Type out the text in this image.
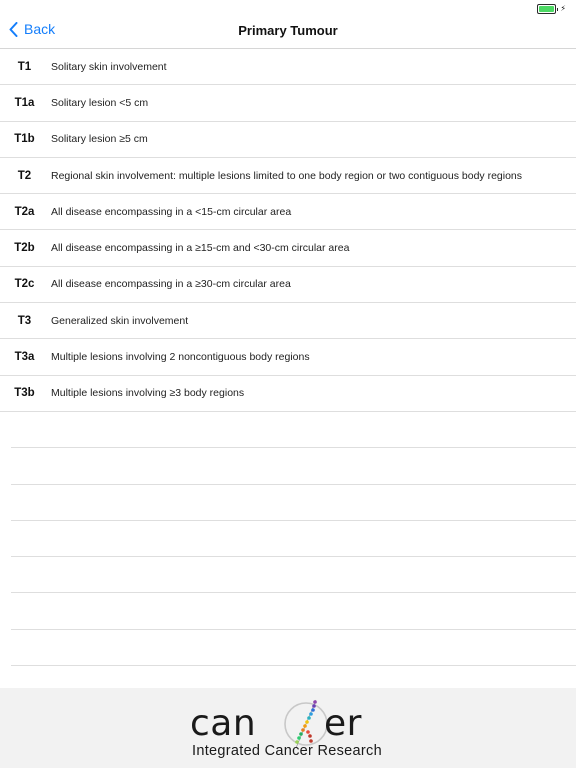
⚡
Back	Primary Tumour
T1	Solitary skin involvement
T1a	Solitary lesion <5 cm
T1b	Solitary lesion ≥5 cm
T2	Regional skin involvement: multiple lesions limited to one body region or two contiguous body regions
T2a	All disease encompassing in a <15-cm circular area
T2b	All disease encompassing in a ≥15-cm and <30-cm circular area
T2c	All disease encompassing in a ≥30-cm circular area
T3	Generalized skin involvement
T3a	Multiple lesions involving 2 noncontiguous body regions
T3b	Multiple lesions involving ≥3 body regions
can er
Integrated Cancer Research
